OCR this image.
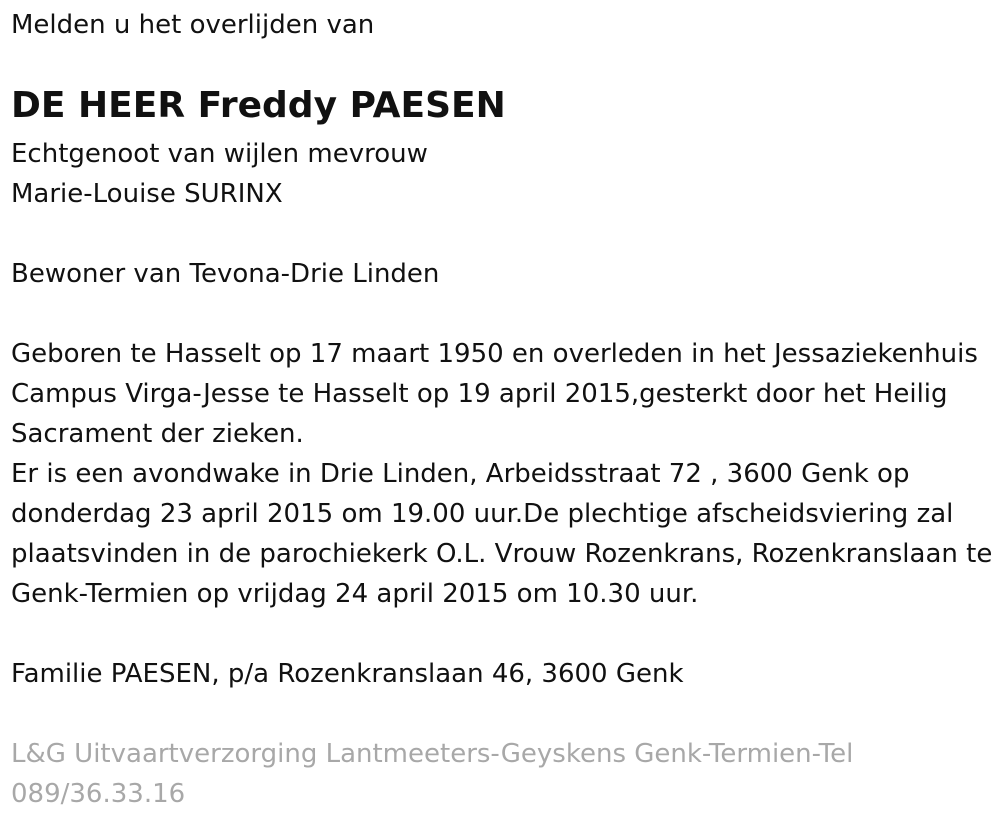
Melden u het overlijden van
DE HEER Freddy PAESEN
Echtgenoot van wijlen mevrouw
Marie-Louise SURINX
Bewoner van Tevona-Drie Linden

Geboren te Hasselt op 17 maart 1950 en overleden in het Jessaziekenhuis Campus Virga-Jesse te Hasselt op 19 april 2015,gesterkt door het Heilig Sacrament der zieken.

Er is een avondwake in Drie Linden, Arbeidsstraat 72 , 3600 Genk op donderdag 23 april 2015 om 19.00 uur.De plechtige afscheidsviering zal plaatsvinden in de parochiekerk O.L. Vrouw Rozenkrans, Rozenkranslaan te Genk-Termien op vrijdag 24 april 2015 om 10.30 uur.

Familie PAESEN, p/a Rozenkranslaan 46, 3600 Genk
L&G Uitvaartverzorging Lantmeeters-Geyskens Genk-Termien-Tel 089/36.33.16
